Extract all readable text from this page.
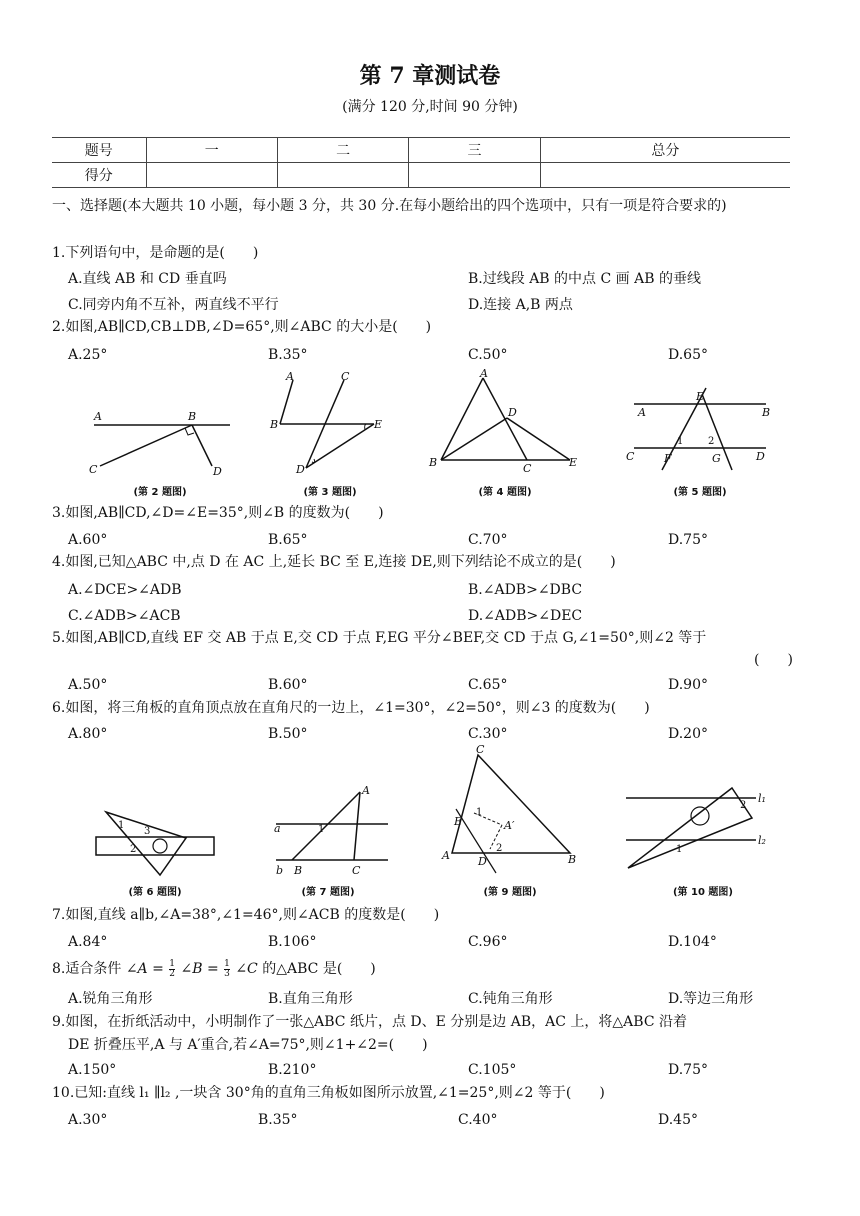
第 7 章测试卷
(满分 120 分,时间 90 分钟)
题号	一	二	三	总分
得分				
一、选择题(本大题共 10 小题，每小题 3 分，共 30 分.在每小题给出的四个选项中，只有一项是符合要求的)
1.下列语句中，是命题的是(　　)
A.直线 AB 和 CD 垂直吗	B.过线段 AB 的中点 C 画 AB 的垂线
C.同旁内角不互补，两直线不平行	D.连接 A,B 两点
2.如图,AB∥CD,CB⊥DB,∠D=65°,则∠ABC 的大小是(　　)
A.25°	B.35°	C.50°	D.65°
A	B
C	D
A	C
B	E
D
A
D
B	C	E
A	B
E
1 2
C	F	G	D
(第 2 题图)	(第 3 题图)	(第 4 题图)	(第 5 题图)
3.如图,AB∥CD,∠D=∠E=35°,则∠B 的度数为(　　)
A.60°	B.65°	C.70°	D.75°
4.如图,已知△ABC 中,点 D 在 AC 上,延长 BC 至 E,连接 DE,则下列结论不成立的是(　　)
A.∠DCE>∠ADB	B.∠ADB>∠DBC
C.∠ADB>∠ACB	D.∠ADB>∠DEC
5.如图,AB∥CD,直线 EF 交 AB 于点 E,交 CD 于点 F,EG 平分∠BEF,交 CD 于点 G,∠1=50°,则∠2 等于
(　　)
A.50°	B.60°	C.65°	D.90°
6.如图，将三角板的直角顶点放在直角尺的一边上，∠1=30°，∠2=50°，则∠3 的度数为(　　)
A.80°	B.50°	C.30°	D.20°
1
3
2
A
a	1
b B	C
C
E
1
A′
2
A	D	B
2
1
l₁
l₂
(第 6 题图)	(第 7 题图)	(第 9 题图)	(第 10 题图)
7.如图,直线 a∥b,∠A=38°,∠1=46°,则∠ACB 的度数是(　　)
A.84°	B.106°	C.96°	D.104°
8.适合条件 ∠A = $\frac{1}{2}$ ∠B = $\frac{1}{3}$ ∠C 的△ABC 是(　　)
A.锐角三角形	B.直角三角形	C.钝角三角形	D.等边三角形
9.如图，在折纸活动中，小明制作了一张△ABC 纸片，点 D、E 分别是边 AB，AC 上，将△ABC 沿着
DE 折叠压平,A 与 A′重合,若∠A=75°,则∠1+∠2=(　　)
A.150°	B.210°	C.105°	D.75°
10.已知:直线 l₁ ∥l₂ ,一块含 30°角的直角三角板如图所示放置,∠1=25°,则∠2 等于(　　)
A.30°	B.35°	C.40°	D.45°
